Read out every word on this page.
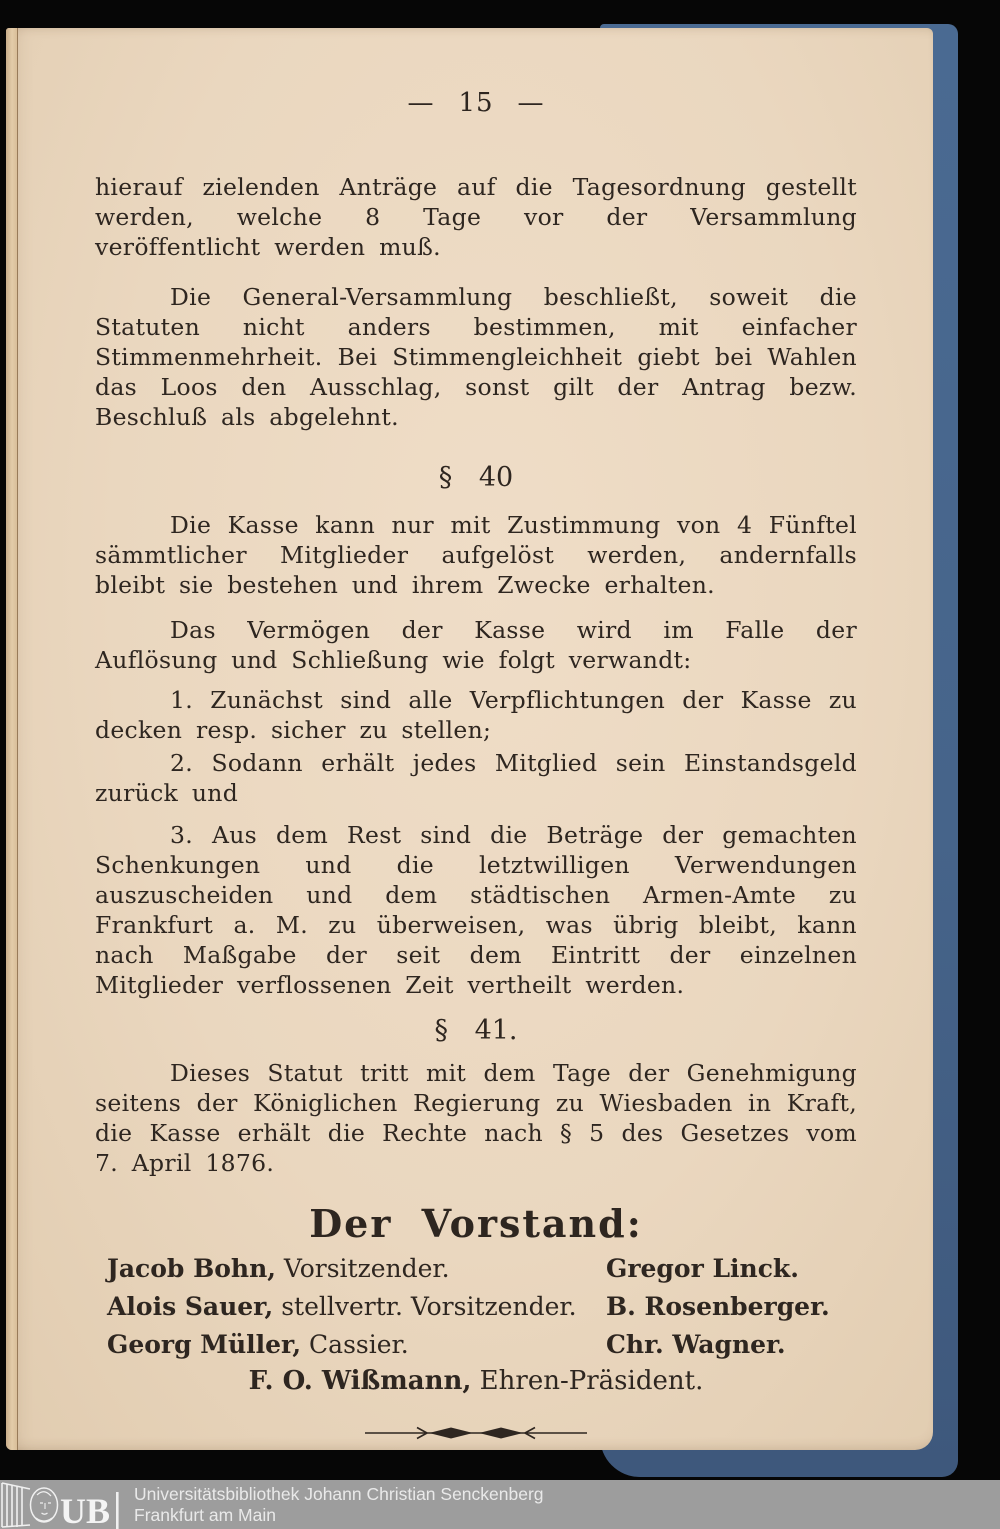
— 15 —

hierauf zielenden Anträge auf die Tagesordnung gestellt werden, welche 8 Tage vor der Versammlung veröffentlicht werden muß.

Die General-Versammlung beschließt, soweit die Statuten nicht anders bestimmen, mit einfacher Stimmenmehrheit. Bei Stimmengleichheit giebt bei Wahlen das Loos den Ausschlag, sonst gilt der Antrag bezw. Beschluß als abgelehnt.

§ 40

Die Kasse kann nur mit Zustimmung von 4 Fünftel sämmtlicher Mitglieder aufgelöst werden, andernfalls bleibt sie bestehen und ihrem Zwecke erhalten.

Das Vermögen der Kasse wird im Falle der Auflösung und Schließung wie folgt verwandt:

1. Zunächst sind alle Verpflichtungen der Kasse zu decken resp. sicher zu stellen;

2. Sodann erhält jedes Mitglied sein Einstandsgeld zurück und

3. Aus dem Rest sind die Beträge der gemachten Schenkungen und die letztwilligen Verwendungen auszuscheiden und dem städtischen Armen-Amte zu Frankfurt a. M. zu überweisen, was übrig bleibt, kann nach Maßgabe der seit dem Eintritt der einzelnen Mitglieder verflossenen Zeit vertheilt werden.

§ 41.

Dieses Statut tritt mit dem Tage der Genehmigung seitens der Königlichen Regierung zu Wiesbaden in Kraft, die Kasse erhält die Rechte nach § 5 des Gesetzes vom 7. April 1876.

Der Vorstand:
Jacob Bohn, Vorsitzender.	Gregor Linck.
Alois Sauer, stellvertr. Vorsitzender.	B. Rosenberger.
Georg Müller, Cassier.	Chr. Wagner.

F. O. Wißmann, Ehren-Präsident.

UB Universitätsbibliothek Johann Christian Senckenberg
Frankfurt am Main
